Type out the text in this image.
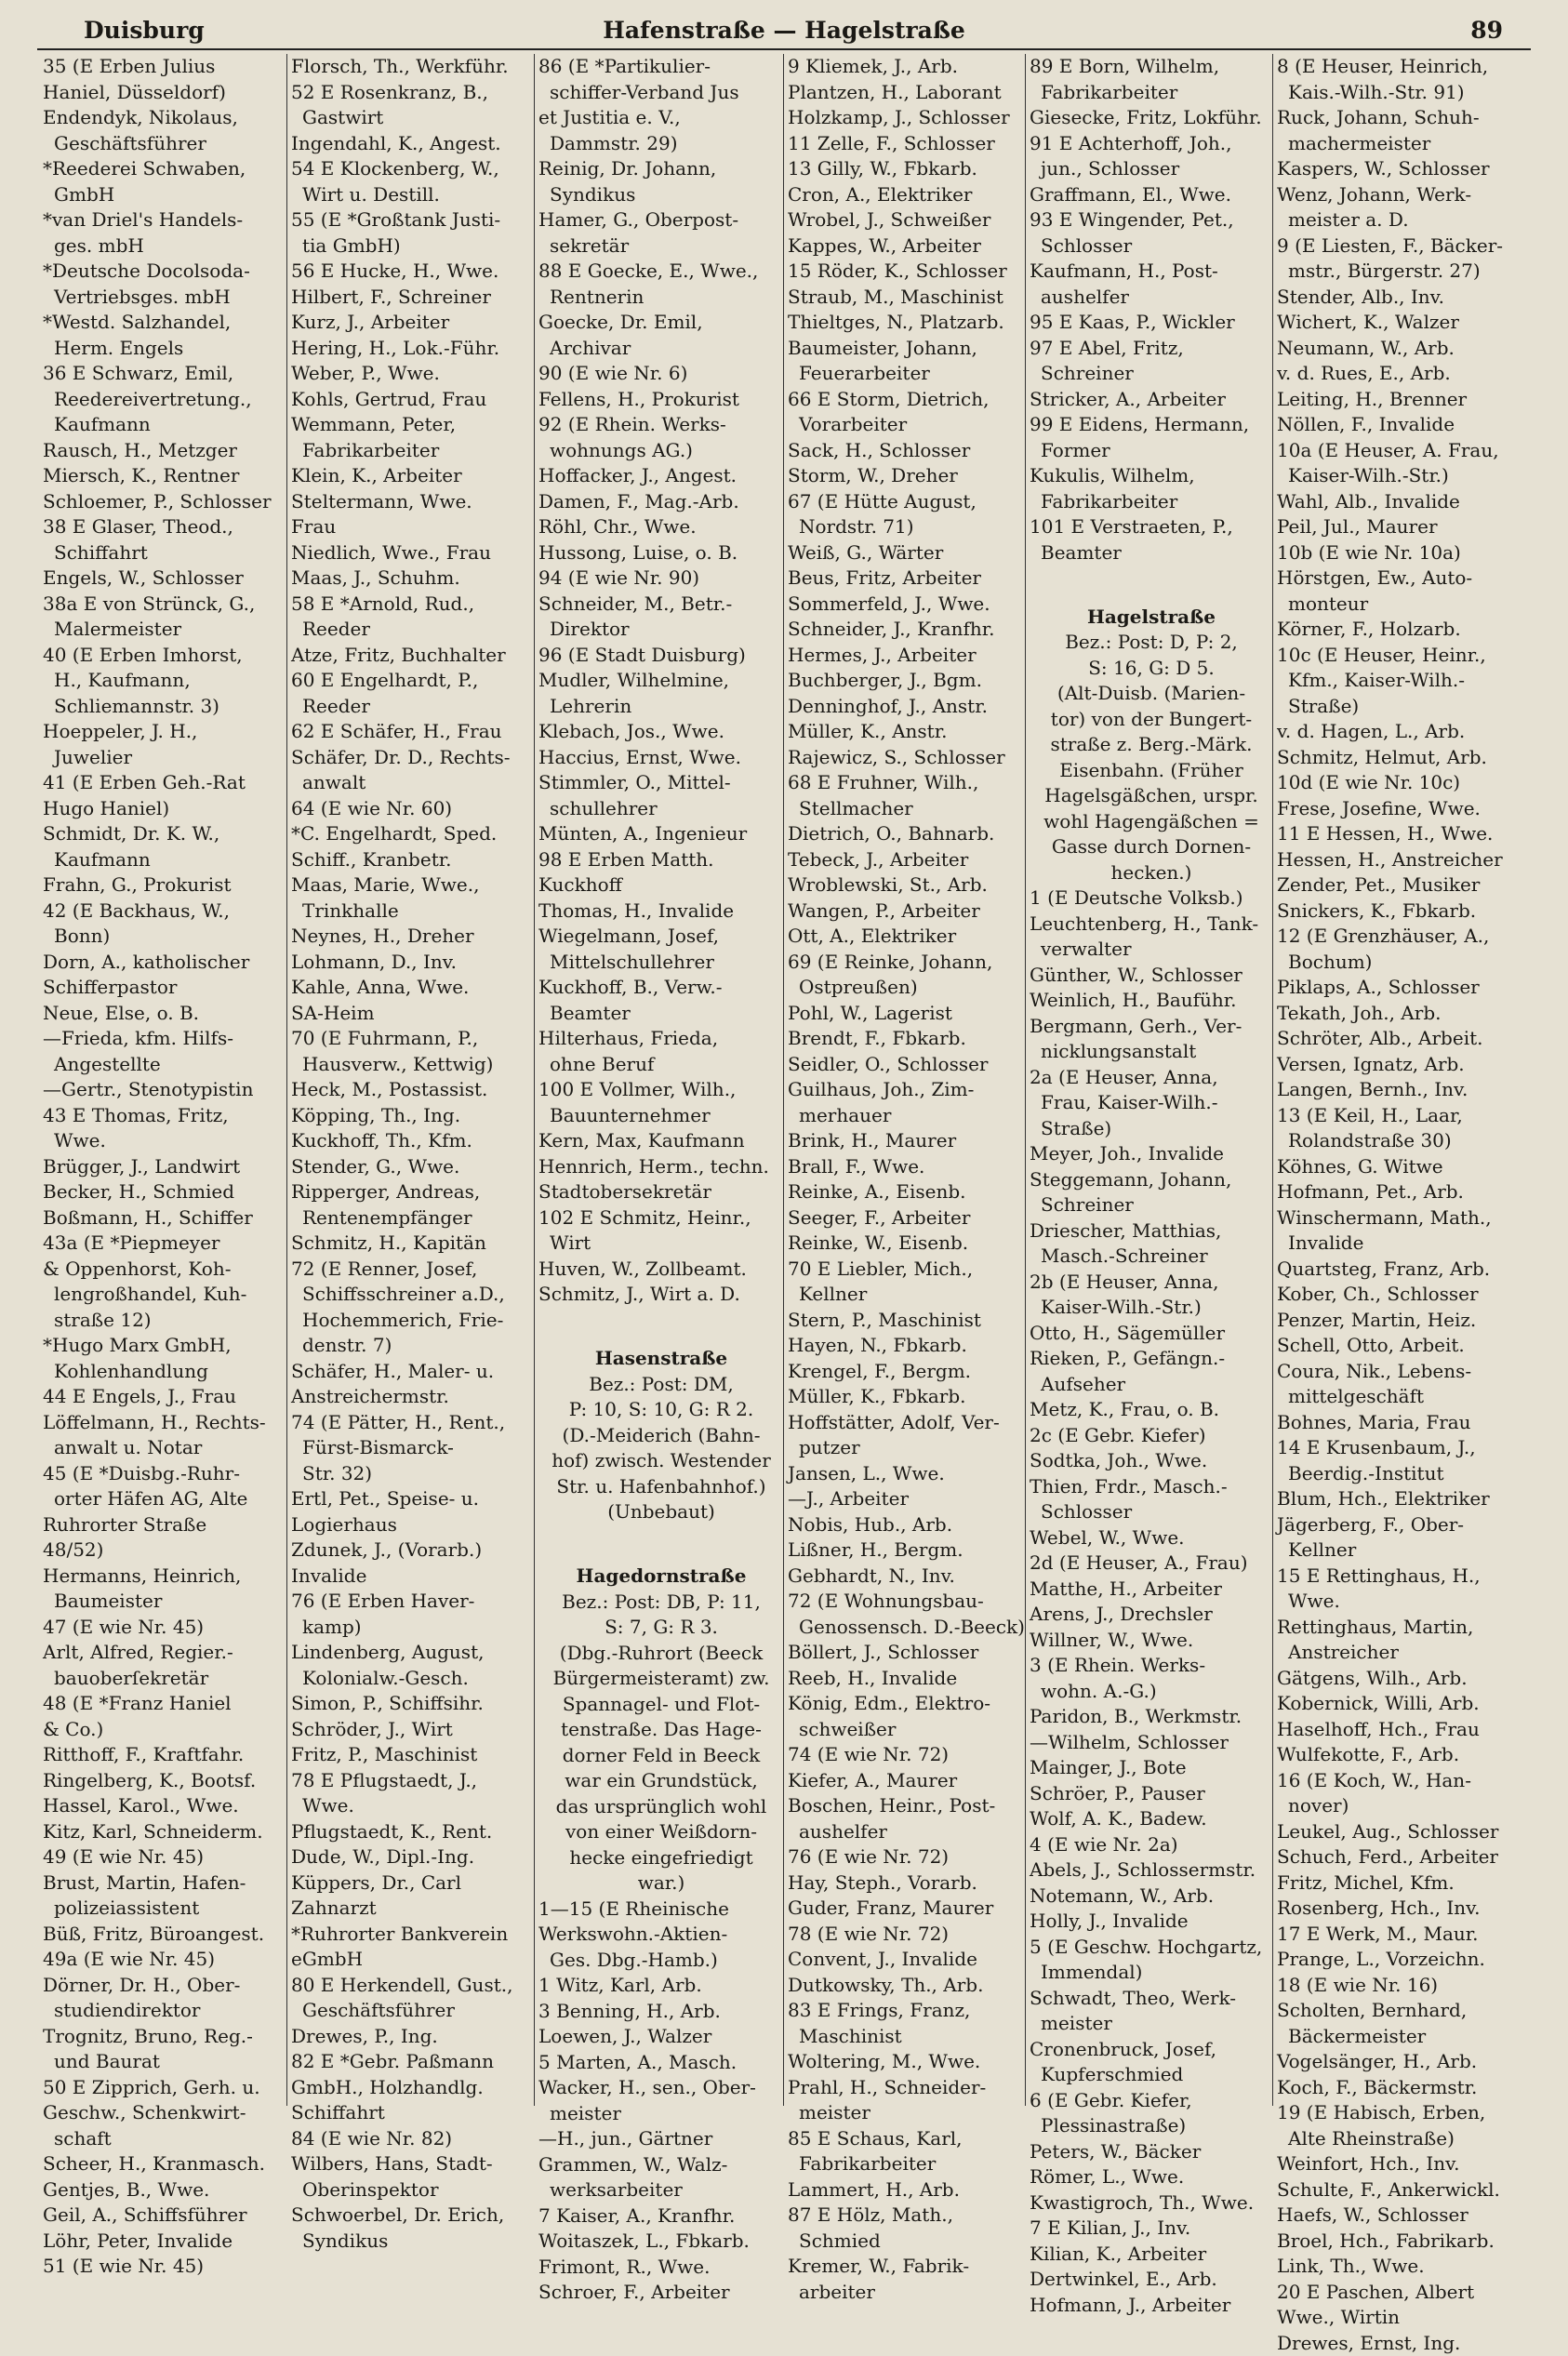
Duisburg	Hafenstraße — Hagelstraße	89
35 (E Erben Julius
Haniel, Düsseldorf)
Endendyk, Nikolaus,
Geschäftsführer
*Reederei Schwaben,
GmbH
*van Driel's Handels-
ges. mbH
*Deutsche Docolsoda-
Vertriebsges. mbH
*Westd. Salzhandel,
Herm. Engels
36 E Schwarz, Emil,
Reedereivertretung.,
Kaufmann
Rausch, H., Metzger
Miersch, K., Rentner
Schloemer, P., Schlosser
38 E Glaser, Theod.,
Schiffahrt
Engels, W., Schlosser
38a E von Strünck, G.,
Malermeister
40 (E Erben Imhorst,
H., Kaufmann,
Schliemannstr. 3)
Hoeppeler, J. H.,
Juwelier
41 (E Erben Geh.-Rat
Hugo Haniel)
Schmidt, Dr. K. W.,
Kaufmann
Frahn, G., Prokurist
42 (E Backhaus, W.,
Bonn)
Dorn, A., katholischer
Schifferpastor
Neue, Else, o. B.
—Frieda, kfm. Hilfs-
Angestellte
—Gertr., Stenotypistin
43 E Thomas, Fritz,
Wwe.
Brügger, J., Landwirt
Becker, H., Schmied
Boßmann, H., Schiffer
43a (E *Piepmeyer
& Oppenhorst, Koh-
lengroßhandel, Kuh-
straße 12)
*Hugo Marx GmbH,
Kohlenhandlung
44 E Engels, J., Frau
Löffelmann, H., Rechts-
anwalt u. Notar
45 (E *Duisbg.-Ruhr-
orter Häfen AG, Alte
Ruhrorter Straße
48/52)
Hermanns, Heinrich,
Baumeister
47 (E wie Nr. 45)
Arlt, Alfred, Regier.-
bauoberſekretär
48 (E *Franz Haniel
& Co.)
Ritthoff, F., Kraftfahr.
Ringelberg, K., Bootsf.
Hassel, Karol., Wwe.
Kitz, Karl, Schneiderm.
49 (E wie Nr. 45)
Brust, Martin, Hafen-
polizeiassistent
Büß, Fritz, Büroangest.
49a (E wie Nr. 45)
Dörner, Dr. H., Ober-
studiendirektor
Trognitz, Bruno, Reg.-
und Baurat
50 E Zipprich, Gerh. u.
Geschw., Schenkwirt-
schaft
Scheer, H., Kranmasch.
Gentjes, B., Wwe.
Geil, A., Schiffsführer
Löhr, Peter, Invalide
51 (E wie Nr. 45)
Florsch, Th., Werkführ.
52 E Rosenkranz, B.,
Gastwirt
Ingendahl, K., Angest.
54 E Klockenberg, W.,
Wirt u. Destill.
55 (E *Großtank Justi-
tia GmbH)
56 E Hucke, H., Wwe.
Hilbert, F., Schreiner
Kurz, J., Arbeiter
Hering, H., Lok.-Führ.
Weber, P., Wwe.
Kohls, Gertrud, Frau
Wemmann, Peter,
Fabrikarbeiter
Klein, K., Arbeiter
Steltermann, Wwe.
Frau
Niedlich, Wwe., Frau
Maas, J., Schuhm.
58 E *Arnold, Rud.,
Reeder
Atze, Fritz, Buchhalter
60 E Engelhardt, P.,
Reeder
62 E Schäfer, H., Frau
Schäfer, Dr. D., Rechts-
anwalt
64 (E wie Nr. 60)
*C. Engelhardt, Sped.
Schiff., Kranbetr.
Maas, Marie, Wwe.,
Trinkhalle
Neynes, H., Dreher
Lohmann, D., Inv.
Kahle, Anna, Wwe.
SA-Heim
70 (E Fuhrmann, P.,
Hausverw., Kettwig)
Heck, M., Postassist.
Köpping, Th., Ing.
Kuckhoff, Th., Kfm.
Stender, G., Wwe.
Ripperger, Andreas,
Rentenempfänger
Schmitz, H., Kapitän
72 (E Renner, Josef,
Schiffsschreiner a.D.,
Hochemmerich, Frie-
denstr. 7)
Schäfer, H., Maler- u.
Anstreichermstr.
74 (E Pätter, H., Rent.,
Fürst-Bismarck-
Str. 32)
Ertl, Pet., Speise- u.
Logierhaus
Zdunek, J., (Vorarb.)
Invalide
76 (E Erben Haver-
kamp)
Lindenberg, August,
Kolonialw.-Gesch.
Simon, P., Schiffsihr.
Schröder, J., Wirt
Fritz, P., Maschinist
78 E Pflugstaedt, J.,
Wwe.
Pflugstaedt, K., Rent.
Dude, W., Dipl.-Ing.
Küppers, Dr., Carl
Zahnarzt
*Ruhrorter Bankverein
eGmbH
80 E Herkendell, Gust.,
Geschäftsführer
Drewes, P., Ing.
82 E *Gebr. Paßmann
GmbH., Holzhandlg.
Schiffahrt
84 (E wie Nr. 82)
Wilbers, Hans, Stadt-
Oberinspektor
Schwoerbel, Dr. Erich,
Syndikus
86 (E *Partikulier-
schiffer-Verband Jus
et Justitia e. V.,
Dammstr. 29)
Reinig, Dr. Johann,
Syndikus
Hamer, G., Oberpost-
sekretär
88 E Goecke, E., Wwe.,
Rentnerin
Goecke, Dr. Emil,
Archivar
90 (E wie Nr. 6)
Fellens, H., Prokurist
92 (E Rhein. Werks-
wohnungs AG.)
Hoffacker, J., Angest.
Damen, F., Mag.-Arb.
Röhl, Chr., Wwe.
Hussong, Luise, o. B.
94 (E wie Nr. 90)
Schneider, M., Betr.-
Direktor
96 (E Stadt Duisburg)
Mudler, Wilhelmine,
Lehrerin
Klebach, Jos., Wwe.
Haccius, Ernst, Wwe.
Stimmler, O., Mittel-
schullehrer
Münten, A., Ingenieur
98 E Erben Matth.
Kuckhoff
Thomas, H., Invalide
Wiegelmann, Josef,
Mittelschullehrer
Kuckhoff, B., Verw.-
Beamter
Hilterhaus, Frieda,
ohne Beruf
100 E Vollmer, Wilh.,
Bauunternehmer
Kern, Max, Kaufmann
Hennrich, Herm., techn.
Stadtobersekretär
102 E Schmitz, Heinr.,
Wirt
Huven, W., Zollbeamt.
Schmitz, J., Wirt a. D.

Hasenstraße
Bez.: Post: DM,
P: 10, S: 10, G: R 2.
(D.-Meiderich (Bahn-
hof) zwisch. Westender
Str. u. Hafenbahnhof.)
(Unbebaut)

Hagedornstraße
Bez.: Post: DB, P: 11,
S: 7, G: R 3.
(Dbg.-Ruhrort (Beeck
Bürgermeisteramt) zw.
Spannagel- und Flot-
tenstraße. Das Hage-
dorner Feld in Beeck
war ein Grundstück,
das ursprünglich wohl
von einer Weißdorn-
hecke eingefriedigt
war.)
1—15 (E Rheinische
Werkswohn.-Aktien-
Ges. Dbg.-Hamb.)
1 Witz, Karl, Arb.
3 Benning, H., Arb.
Loewen, J., Walzer
5 Marten, A., Masch.
Wacker, H., sen., Ober-
meister
—H., jun., Gärtner
Grammen, W., Walz-
werksarbeiter
7 Kaiser, A., Kranfhr.
Woitaszek, L., Fbkarb.
Frimont, R., Wwe.
Schroer, F., Arbeiter
9 Kliemek, J., Arb.
Plantzen, H., Laborant
Holzkamp, J., Schlosser
11 Zelle, F., Schlosser
13 Gilly, W., Fbkarb.
Cron, A., Elektriker
Wrobel, J., Schweißer
Kappes, W., Arbeiter
15 Röder, K., Schlosser
Straub, M., Maschinist
Thieltges, N., Platzarb.
Baumeister, Johann,
Feuerarbeiter
66 E Storm, Dietrich,
Vorarbeiter
Sack, H., Schlosser
Storm, W., Dreher
67 (E Hütte August,
Nordstr. 71)
Weiß, G., Wärter
Beus, Fritz, Arbeiter
Sommerfeld, J., Wwe.
Schneider, J., Kranfhr.
Hermes, J., Arbeiter
Buchberger, J., Bgm.
Denninghof, J., Anstr.
Müller, K., Anstr.
Rajewicz, S., Schlosser
68 E Fruhner, Wilh.,
Stellmacher
Dietrich, O., Bahnarb.
Tebeck, J., Arbeiter
Wroblewski, St., Arb.
Wangen, P., Arbeiter
Ott, A., Elektriker
69 (E Reinke, Johann,
Ostpreußen)
Pohl, W., Lagerist
Brendt, F., Fbkarb.
Seidler, O., Schlosser
Guilhaus, Joh., Zim-
merhauer
Brink, H., Maurer
Brall, F., Wwe.
Reinke, A., Eisenb.
Seeger, F., Arbeiter
Reinke, W., Eisenb.
70 E Liebler, Mich.,
Kellner
Stern, P., Maschinist
Hayen, N., Fbkarb.
Krengel, F., Bergm.
Müller, K., Fbkarb.
Hoffstätter, Adolf, Ver-
putzer
Jansen, L., Wwe.
—J., Arbeiter
Nobis, Hub., Arb.
Lißner, H., Bergm.
Gebhardt, N., Inv.
72 (E Wohnungsbau-
Genossensch. D.-Beeck)
Böllert, J., Schlosser
Reeb, H., Invalide
König, Edm., Elektro-
schweißer
74 (E wie Nr. 72)
Kiefer, A., Maurer
Boschen, Heinr., Post-
aushelfer
76 (E wie Nr. 72)
Hay, Steph., Vorarb.
Guder, Franz, Maurer
78 (E wie Nr. 72)
Convent, J., Invalide
Dutkowsky, Th., Arb.
83 E Frings, Franz,
Maschinist
Woltering, M., Wwe.
Prahl, H., Schneider-
meister
85 E Schaus, Karl,
Fabrikarbeiter
Lammert, H., Arb.
87 E Hölz, Math.,
Schmied
Kremer, W., Fabrik-
arbeiter
89 E Born, Wilhelm,
Fabrikarbeiter
Giesecke, Fritz, Lokführ.
91 E Achterhoff, Joh.,
jun., Schlosser
Graffmann, El., Wwe.
93 E Wingender, Pet.,
Schlosser
Kaufmann, H., Post-
aushelfer
95 E Kaas, P., Wickler
97 E Abel, Fritz,
Schreiner
Stricker, A., Arbeiter
99 E Eidens, Hermann,
Former
Kukulis, Wilhelm,
Fabrikarbeiter
101 E Verstraeten, P.,
Beamter

Hagelstraße
Bez.: Post: D, P: 2,
S: 16, G: D 5.
(Alt-Duisb. (Marien-
tor) von der Bungert-
straße z. Berg.-Märk.
Eisenbahn. (Früher
Hagelsgäßchen, urspr.
wohl Hagengäßchen =
Gasse durch Dornen-
hecken.)
1 (E Deutsche Volksb.)
Leuchtenberg, H., Tank-
verwalter
Günther, W., Schlosser
Weinlich, H., Bauführ.
Bergmann, Gerh., Ver-
nicklungsanstalt
2a (E Heuser, Anna,
Frau, Kaiser-Wilh.-
Straße)
Meyer, Joh., Invalide
Steggemann, Johann,
Schreiner
Driescher, Matthias,
Masch.-Schreiner
2b (E Heuser, Anna,
Kaiser-Wilh.-Str.)
Otto, H., Sägemüller
Rieken, P., Gefängn.-
Aufseher
Metz, K., Frau, o. B.
2c (E Gebr. Kiefer)
Sodtka, Joh., Wwe.
Thien, Frdr., Masch.-
Schlosser
Webel, W., Wwe.
2d (E Heuser, A., Frau)
Matthe, H., Arbeiter
Arens, J., Drechsler
Willner, W., Wwe.
3 (E Rhein. Werks-
wohn. A.-G.)
Paridon, B., Werkmstr.
—Wilhelm, Schlosser
Mainger, J., Bote
Schröer, P., Pauser
Wolf, A. K., Badew.
4 (E wie Nr. 2a)
Abels, J., Schlossermstr.
Notemann, W., Arb.
Holly, J., Invalide
5 (E Geschw. Hochgartz,
Immendal)
Schwadt, Theo, Werk-
meister
Cronenbruck, Josef,
Kupferschmied
6 (E Gebr. Kiefer,
Plessinastraße)
Peters, W., Bäcker
Römer, L., Wwe.
Kwastigroch, Th., Wwe.
7 E Kilian, J., Inv.
Kilian, K., Arbeiter
Dertwinkel, E., Arb.
Hofmann, J., Arbeiter
8 (E Heuser, Heinrich,
Kais.-Wilh.-Str. 91)
Ruck, Johann, Schuh-
machermeister
Kaspers, W., Schlosser
Wenz, Johann, Werk-
meister a. D.
9 (E Liesten, F., Bäcker-
mstr., Bürgerstr. 27)
Stender, Alb., Inv.
Wichert, K., Walzer
Neumann, W., Arb.
v. d. Rues, E., Arb.
Leiting, H., Brenner
Nöllen, F., Invalide
10a (E Heuser, A. Frau,
Kaiser-Wilh.-Str.)
Wahl, Alb., Invalide
Peil, Jul., Maurer
10b (E wie Nr. 10a)
Hörstgen, Ew., Auto-
monteur
Körner, F., Holzarb.
10c (E Heuser, Heinr.,
Kfm., Kaiser-Wilh.-
Straße)
v. d. Hagen, L., Arb.
Schmitz, Helmut, Arb.
10d (E wie Nr. 10c)
Frese, Josefine, Wwe.
11 E Hessen, H., Wwe.
Hessen, H., Anstreicher
Zender, Pet., Musiker
Snickers, K., Fbkarb.
12 (E Grenzhäuser, A.,
Bochum)
Piklaps, A., Schlosser
Tekath, Joh., Arb.
Schröter, Alb., Arbeit.
Versen, Ignatz, Arb.
Langen, Bernh., Inv.
13 (E Keil, H., Laar,
Rolandstraße 30)
Köhnes, G. Witwe
Hofmann, Pet., Arb.
Winschermann, Math.,
Invalide
Quartsteg, Franz, Arb.
Kober, Ch., Schlosser
Penzer, Martin, Heiz.
Schell, Otto, Arbeit.
Coura, Nik., Lebens-
mittelgeschäft
Bohnes, Maria, Frau
14 E Krusenbaum, J.,
Beerdig.-Institut
Blum, Hch., Elektriker
Jägerberg, F., Ober-
Kellner
15 E Rettinghaus, H.,
Wwe.
Rettinghaus, Martin,
Anstreicher
Gätgens, Wilh., Arb.
Kobernick, Willi, Arb.
Haselhoff, Hch., Frau
Wulfekotte, F., Arb.
16 (E Koch, W., Han-
nover)
Leukel, Aug., Schlosser
Schuch, Ferd., Arbeiter
Fritz, Michel, Kfm.
Rosenberg, Hch., Inv.
17 E Werk, M., Maur.
Prange, L., Vorzeichn.
18 (E wie Nr. 16)
Scholten, Bernhard,
Bäckermeister
Vogelsänger, H., Arb.
Koch, F., Bäckermstr.
19 (E Habisch, Erben,
Alte Rheinstraße)
Weinfort, Hch., Inv.
Schulte, F., Ankerwickl.
Haefs, W., Schlosser
Broel, Hch., Fabrikarb.
Link, Th., Wwe.
20 E Paschen, Albert
Wwe., Wirtin
Drewes, Ernst, Ing.
